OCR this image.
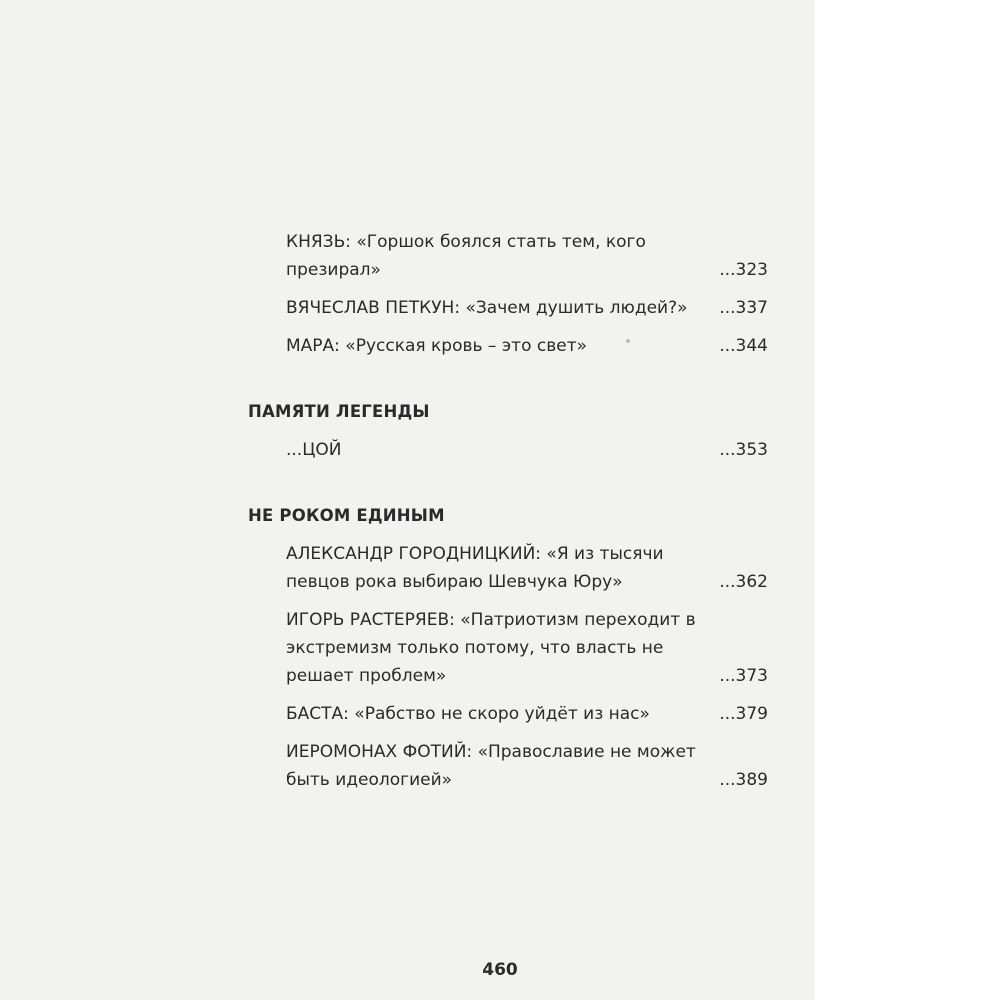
КНЯЗЬ: «Горшок боялся стать тем, кого презирал»	...323
ВЯЧЕСЛАВ ПЕТКУН: «Зачем душить людей?»	...337
МАРА: «Русская кровь – это свет»	...344
ПАМЯТИ ЛЕГЕНДЫ
...ЦОЙ	...353
НЕ РОКОМ ЕДИНЫМ
АЛЕКСАНДР ГОРОДНИЦКИЙ: «Я из тысячи певцов рока выбираю Шевчука Юру»	...362
ИГОРЬ РАСТЕРЯЕВ: «Патриотизм переходит в экстремизм только потому, что власть не решает проблем»	...373
БАСТА: «Рабство не скоро уйдёт из нас»	...379
ИЕРОМОНАХ ФОТИЙ: «Православие не может быть идеологией»	...389
460
